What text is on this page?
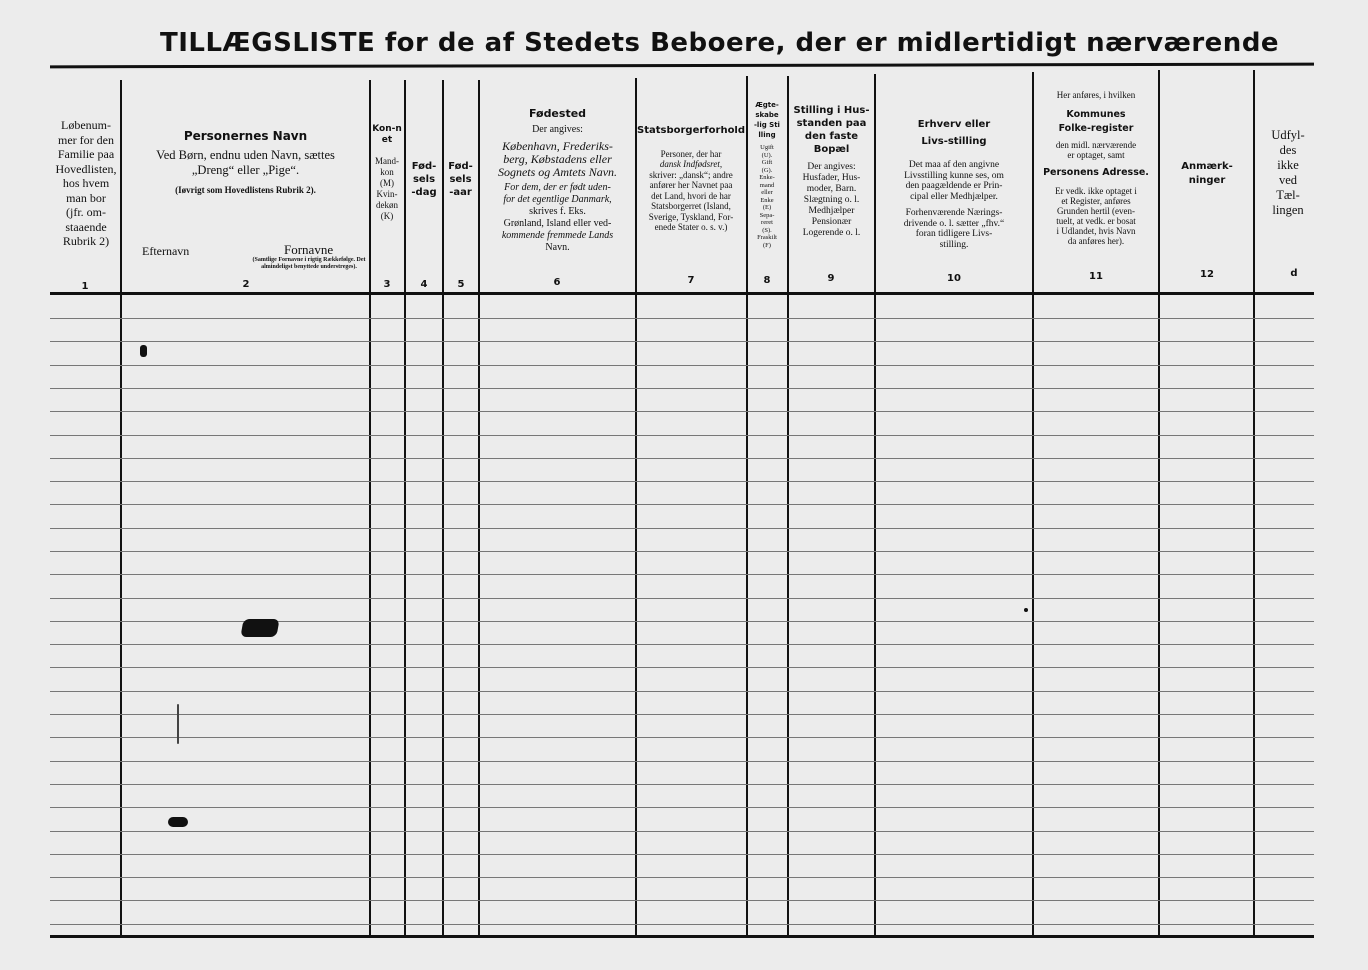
TILLÆGSLISTE for de af Stedets Beboere, der er midlertidigt nærværende
Løbenum-
mer for den
Familie paa
Hovedlisten,
hos hvem
man bor
(jfr. om-
staaende
Rubrik 2)
Personernes Navn
Ved Børn, endnu uden Navn, sættes
„Dreng“ eller „Pige“.
(Iøvrigt som Hovedlistens Rubrik 2).
Efternavn	Fornavne
(Samtlige Fornavne i rigtig Rækkefølge. Det almindeligst benyttede understreges).
Kon-net
Mand-
kon
(M)
Kvin-
dekøn
(K)
Fød-sels-dag
Fød-sels-aar
Fødested
Der angives:
København, Frederiks-
berg, Købstadens eller
Sognets og Amtets Navn.
For dem, der er født uden-
for det egentlige Danmark,
skrives f. Eks.
Grønland, Island eller ved-
kommende fremmede Lands
Navn.
Statsborgerforhold
Personer, der har
dansk Indfødsret,
skriver: „dansk“; andre
anfører her Navnet paa
det Land, hvori de har
Statsborgerret (Island,
Sverige, Tyskland, For-
enede Stater o. s. v.)
Ægte-skabe-lig Stilling
Ugift
(U).
Gift
(G).
Enke-
mand
eller
Enke
(E)
Sepa-
reret
(S).
Fraskilt
(F)
Stilling i Hus-standen paa den faste Bopæl
Der angives:
Husfader, Hus-
moder, Barn.
Slægtning o. l.
Medhjælper
Pensionær
Logerende o. l.
Erhverv eller Livs-stilling
Det maa af den angivne
Livsstilling kunne ses, om
den paagældende er Prin-
cipal eller Medhjælper.
Forhenværende Nærings-
drivende o. l. sætter „fhv.“
foran tidligere Livs-
stilling.
Her anføres, i hvilken
Kommunes Folke-register
den midl. nærværende
er optaget, samt
Personens Adresse.
Er vedk. ikke optaget i
et Register, anføres
Grunden hertil (even-
tuelt, at vedk. er bosat
i Udlandet, hvis Navn
da anføres her).
Anmærk-ninger
Udfyl-
des
ikke
ved
Tæl-
lingen
1	2	3	4	5	6	7	8	9	10	11	12	d
